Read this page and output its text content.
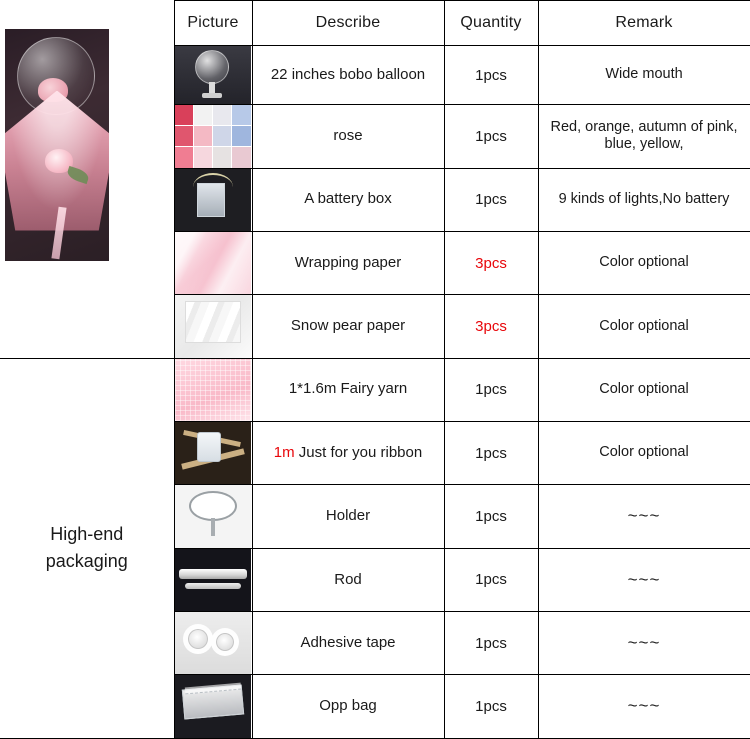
	Picture	Describe	Quantity	Remark

		22 inches bobo balloon	1pcs	Wide mouth

		rose	1pcs	Red, orange, autumn of pink, blue, yellow,

		A battery box	1pcs	9 kinds of lights,No battery

		Wrapping paper	3pcs	Color optional

		Snow pear paper	3pcs	Color optional

High-end
packaging		1*1.6m Fairy yarn	1pcs	Color optional

		1m Just for you ribbon	1pcs	Color optional

		Holder	1pcs	~~~

		Rod	1pcs	~~~

		Adhesive tape	1pcs	~~~

		Opp bag	1pcs	~~~
